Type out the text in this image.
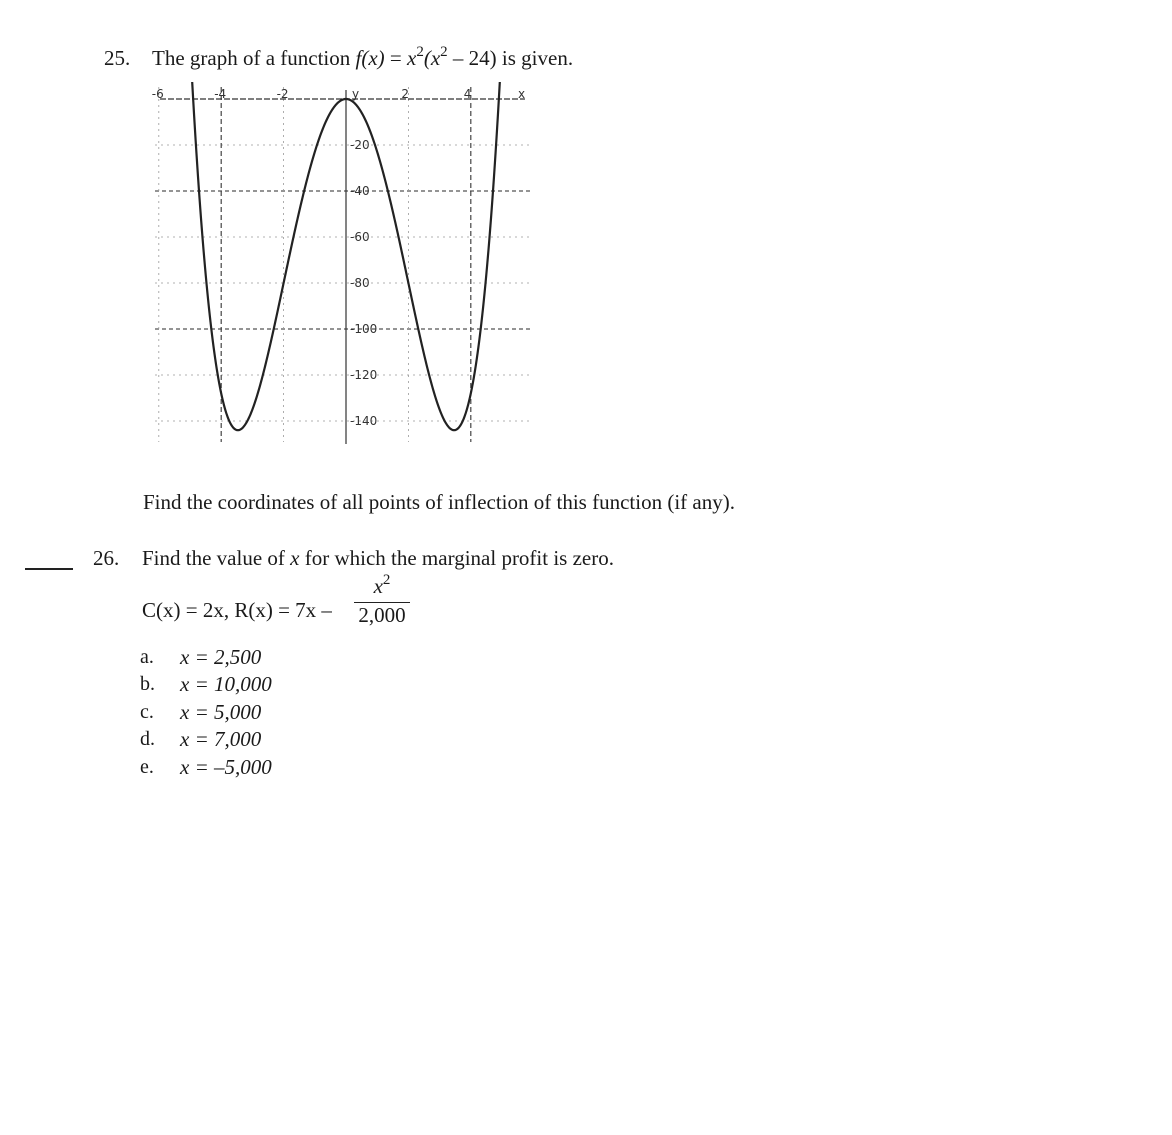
25. The graph of a function $f(x) = x^2(x^2 - 24)$ is given.
-6	-4	-2	2	4	x
y
-20
-40
-60
-80
-100
-120
-140
Find the coordinates of all points of inflection of this function (if any).
26. Find the value of x for which the marginal profit is zero.
C(x) = 2x, R(x) = 7x –
$x^2$
2,000
a. x = 2,500
b. x = 10,000
c. x = 5,000
d. x = 7,000
e. x = –5,000
